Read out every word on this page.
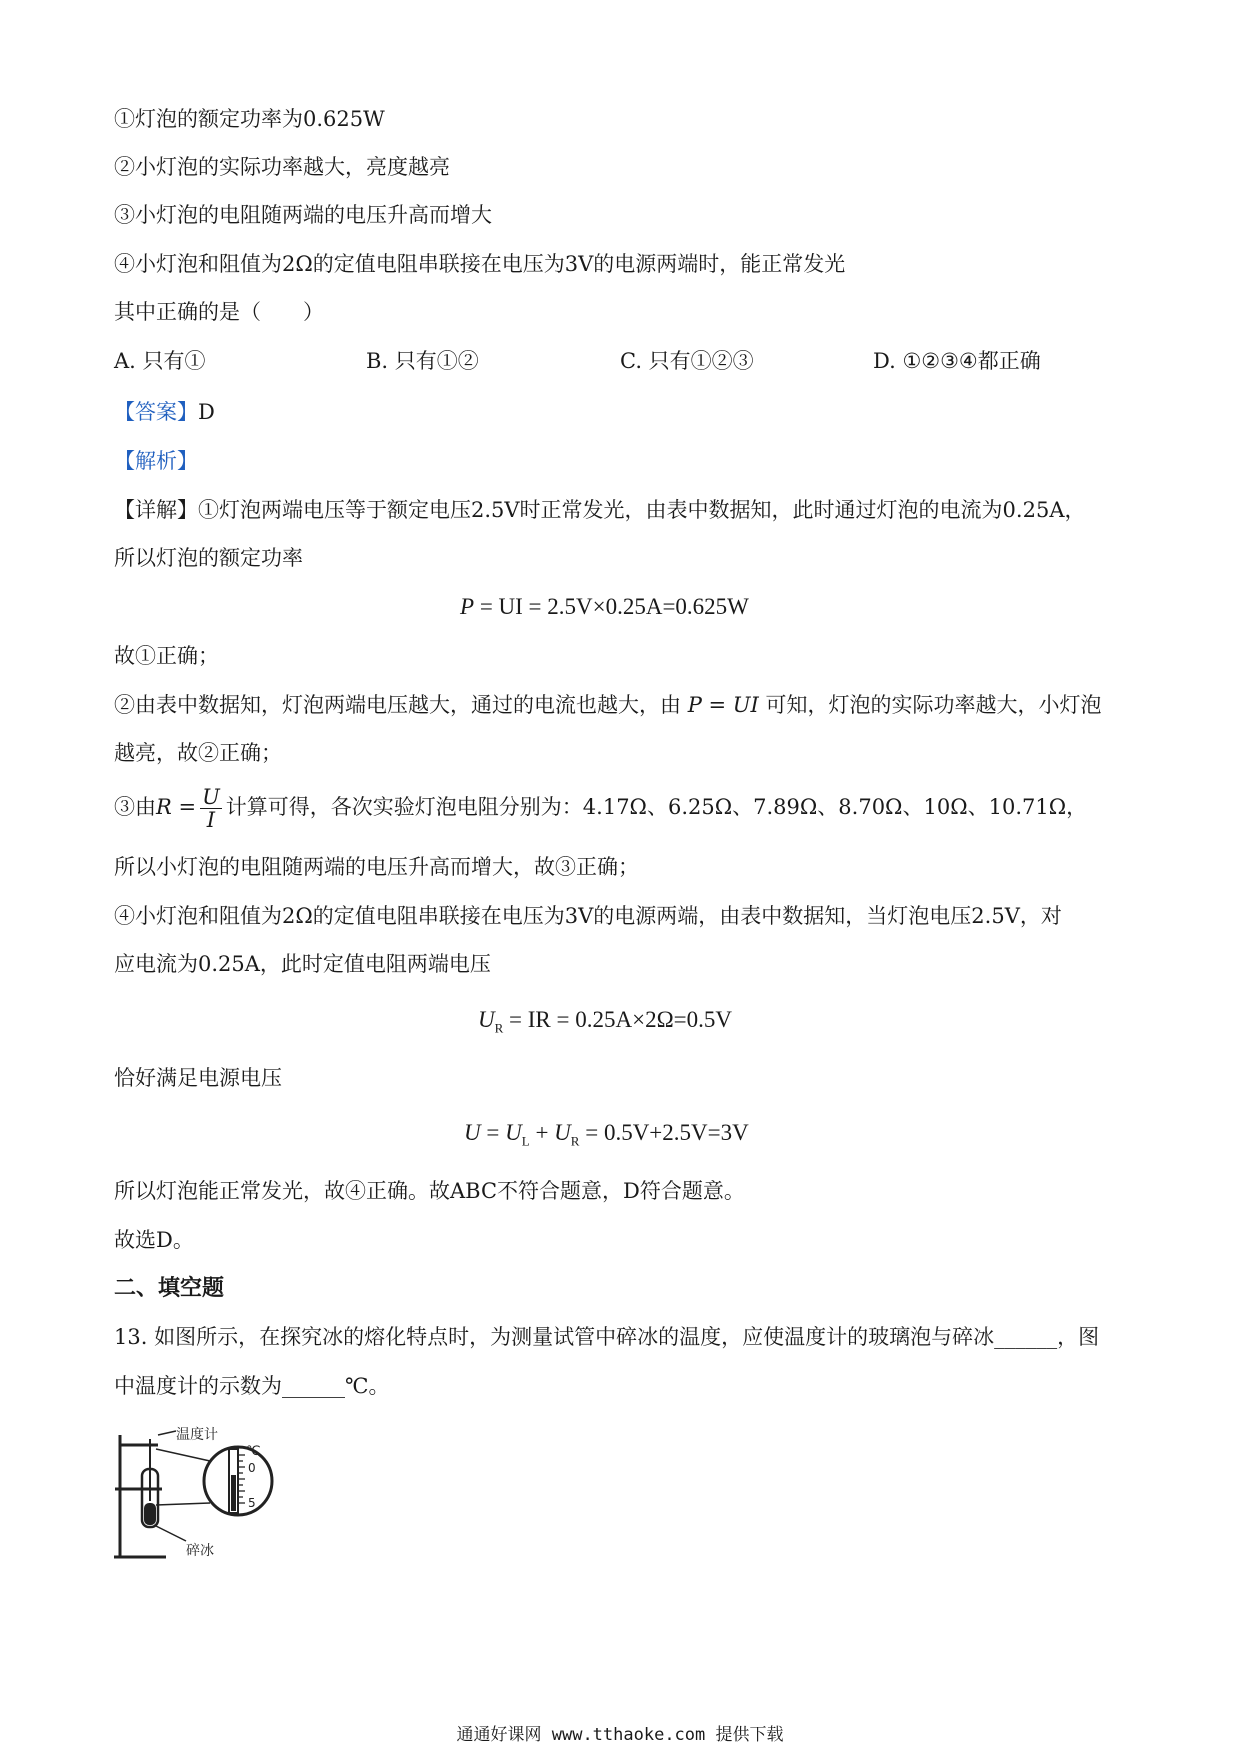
①灯泡的额定功率为0.625W
②小灯泡的实际功率越大，亮度越亮
③小灯泡的电阻随两端的电压升高而增大
④小灯泡和阻值为2Ω的定值电阻串联接在电压为3V的电源两端时，能正常发光
其中正确的是（　　）
A. 只有①	B. 只有①②	C. 只有①②③	D. ①②③④都正确
【答案】D
【解析】
【详解】①灯泡两端电压等于额定电压2.5V时正常发光，由表中数据知，此时通过灯泡的电流为0.25A，
所以灯泡的额定功率
P = UI = 2.5V×0.25A=0.625W
故①正确；
②由表中数据知，灯泡两端电压越大，通过的电流也越大，由 P = UI 可知，灯泡的实际功率越大，小灯泡
越亮，故②正确；
③由$R = \frac{U}{I}$ 计算可得，各次实验灯泡电阻分别为：4.17Ω、6.25Ω、7.89Ω、8.70Ω、10Ω、10.71Ω，
所以小灯泡的电阻随两端的电压升高而增大，故③正确；
④小灯泡和阻值为2Ω的定值电阻串联接在电压为3V的电源两端，由表中数据知，当灯泡电压2.5V，对
应电流为0.25A，此时定值电阻两端电压
$U_R$ = IR = 0.25A×2Ω=0.5V
恰好满足电源电压
$U = U_L + U_R = 0.5V+2.5V=3V$
所以灯泡能正常发光，故④正确。故ABC不符合题意，D符合题意。
故选D。
二、填空题
13. 如图所示，在探究冰的熔化特点时，为测量试管中碎冰的温度，应使温度计的玻璃泡与碎冰______，图
中温度计的示数为______℃。
℃
0
5
温度计
碎冰
通通好课网 www.tthaoke.com 提供下载
